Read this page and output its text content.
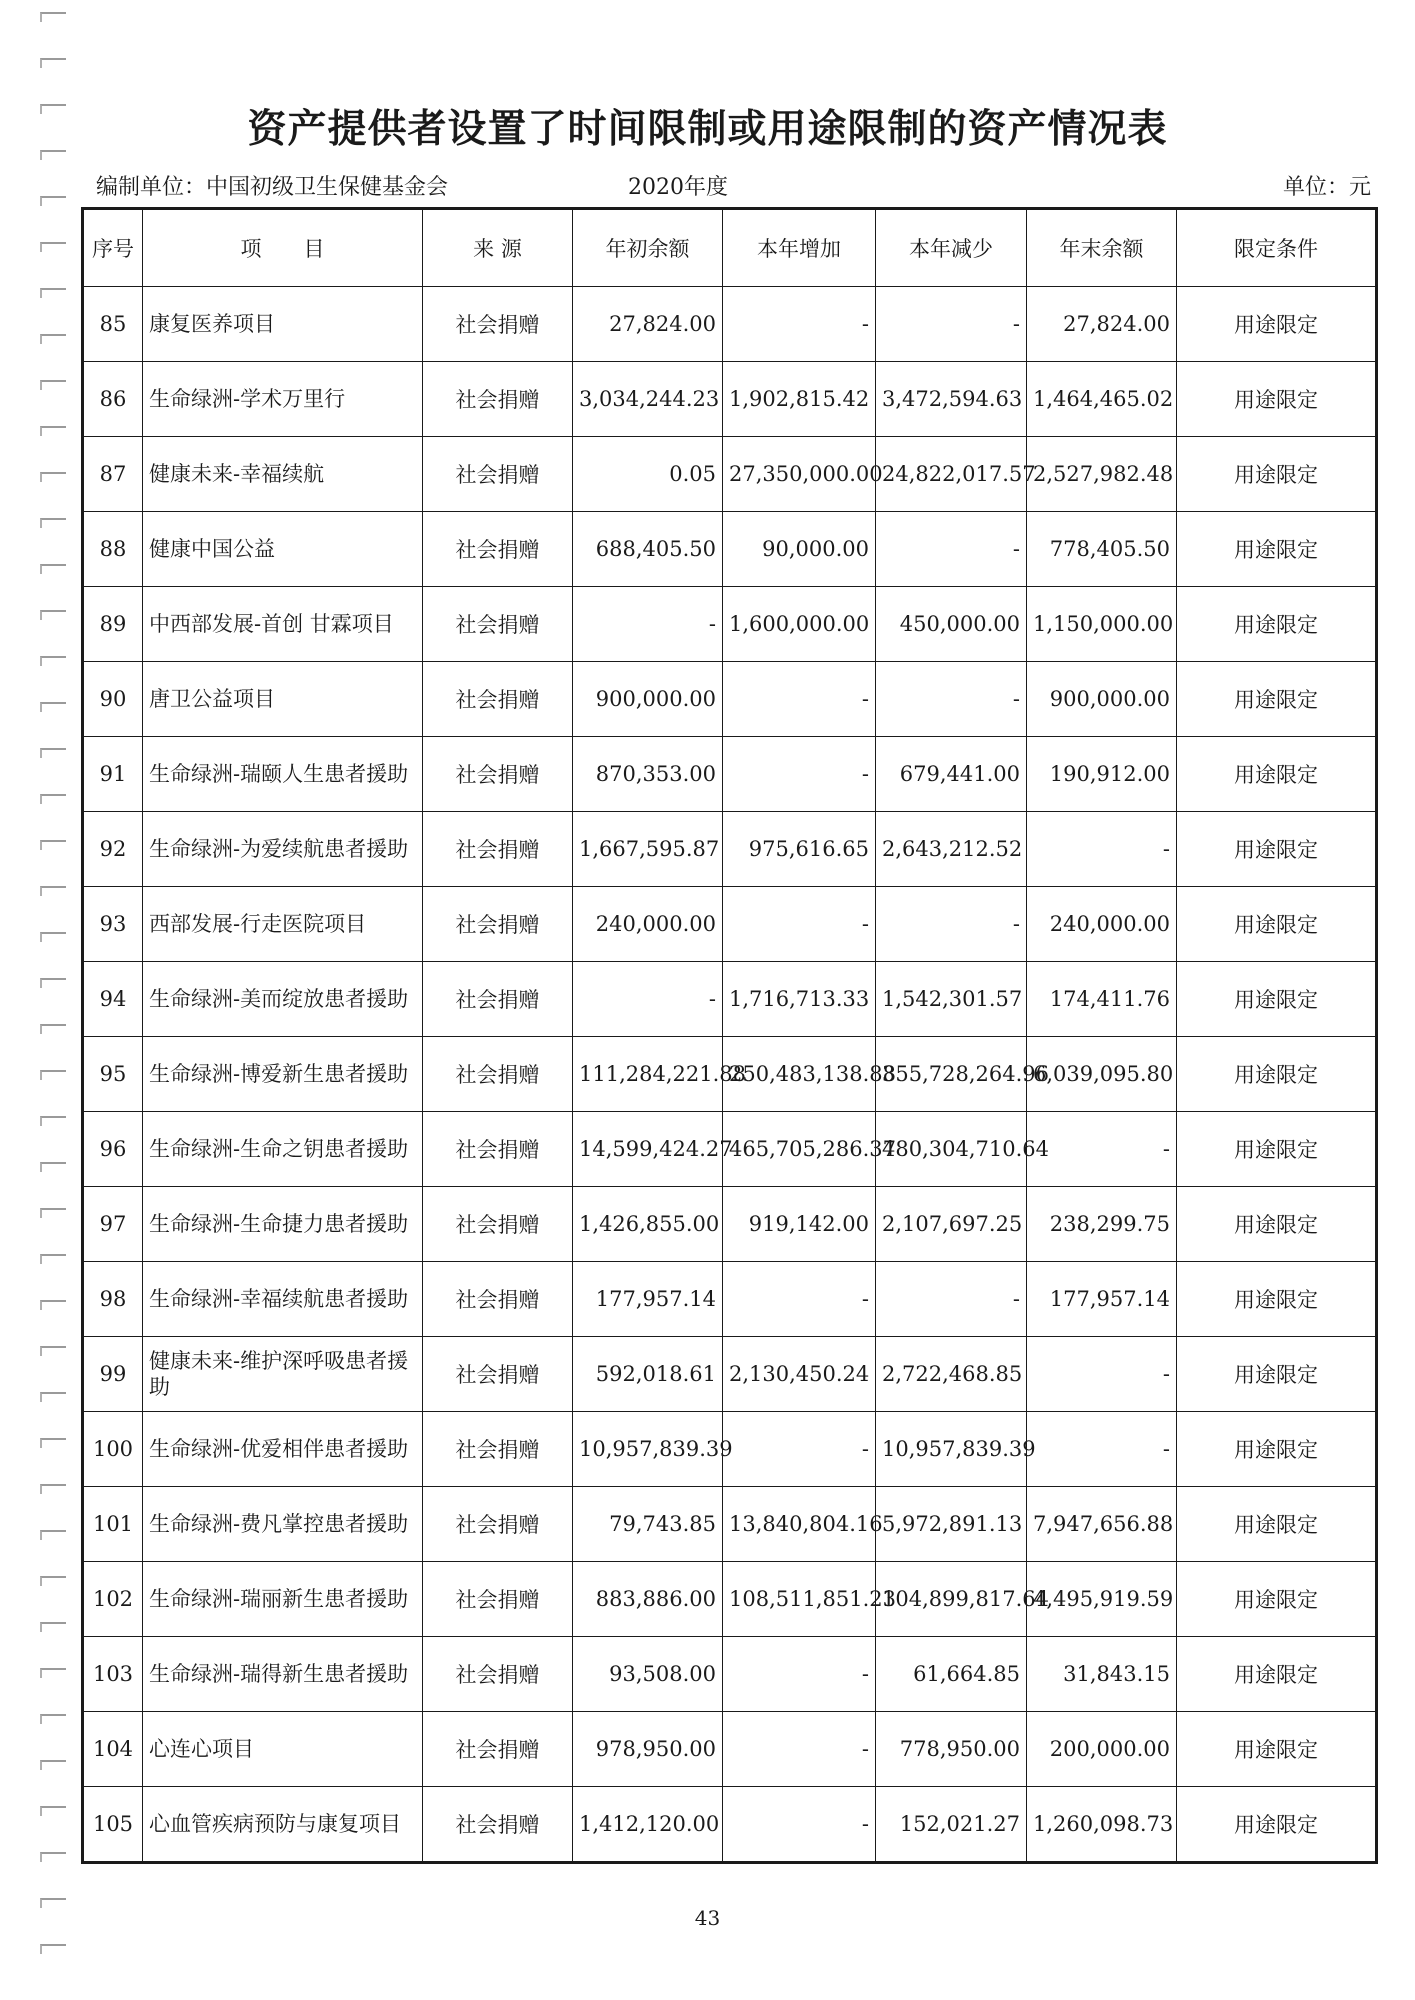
资产提供者设置了时间限制或用途限制的资产情况表
编制单位：中国初级卫生保健基金会	2020年度	单位：元
序号	项　　目	来 源	年初余额	本年增加	本年减少	年末余额	限定条件
85	康复医养项目	社会捐赠	27,824.00	-	-	27,824.00	用途限定
86	生命绿洲-学术万里行	社会捐赠	3,034,244.23	1,902,815.42	3,472,594.63	1,464,465.02	用途限定
87	健康未来-幸福续航	社会捐赠	0.05	27,350,000.00	24,822,017.57	2,527,982.48	用途限定
88	健康中国公益	社会捐赠	688,405.50	90,000.00	-	778,405.50	用途限定
89	中西部发展-首创 甘霖项目	社会捐赠	-	1,600,000.00	450,000.00	1,150,000.00	用途限定
90	唐卫公益项目	社会捐赠	900,000.00	-	-	900,000.00	用途限定
91	生命绿洲-瑞颐人生患者援助	社会捐赠	870,353.00	-	679,441.00	190,912.00	用途限定
92	生命绿洲-为爱续航患者援助	社会捐赠	1,667,595.87	975,616.65	2,643,212.52	-	用途限定
93	西部发展-行走医院项目	社会捐赠	240,000.00	-	-	240,000.00	用途限定
94	生命绿洲-美而绽放患者援助	社会捐赠	-	1,716,713.33	1,542,301.57	174,411.76	用途限定
95	生命绿洲-博爱新生患者援助	社会捐赠	111,284,221.88	250,483,138.88	355,728,264.96	6,039,095.80	用途限定
96	生命绿洲-生命之钥患者援助	社会捐赠	14,599,424.27	465,705,286.37	480,304,710.64	-	用途限定
97	生命绿洲-生命捷力患者援助	社会捐赠	1,426,855.00	919,142.00	2,107,697.25	238,299.75	用途限定
98	生命绿洲-幸福续航患者援助	社会捐赠	177,957.14	-	-	177,957.14	用途限定
99	健康未来-维护深呼吸患者援助	社会捐赠	592,018.61	2,130,450.24	2,722,468.85	-	用途限定
100	生命绿洲-优爱相伴患者援助	社会捐赠	10,957,839.39	-	10,957,839.39	-	用途限定
101	生命绿洲-费凡掌控患者援助	社会捐赠	79,743.85	13,840,804.16	5,972,891.13	7,947,656.88	用途限定
102	生命绿洲-瑞丽新生患者援助	社会捐赠	883,886.00	108,511,851.23	104,899,817.64	4,495,919.59	用途限定
103	生命绿洲-瑞得新生患者援助	社会捐赠	93,508.00	-	61,664.85	31,843.15	用途限定
104	心连心项目	社会捐赠	978,950.00	-	778,950.00	200,000.00	用途限定
105	心血管疾病预防与康复项目	社会捐赠	1,412,120.00	-	152,021.27	1,260,098.73	用途限定
43
